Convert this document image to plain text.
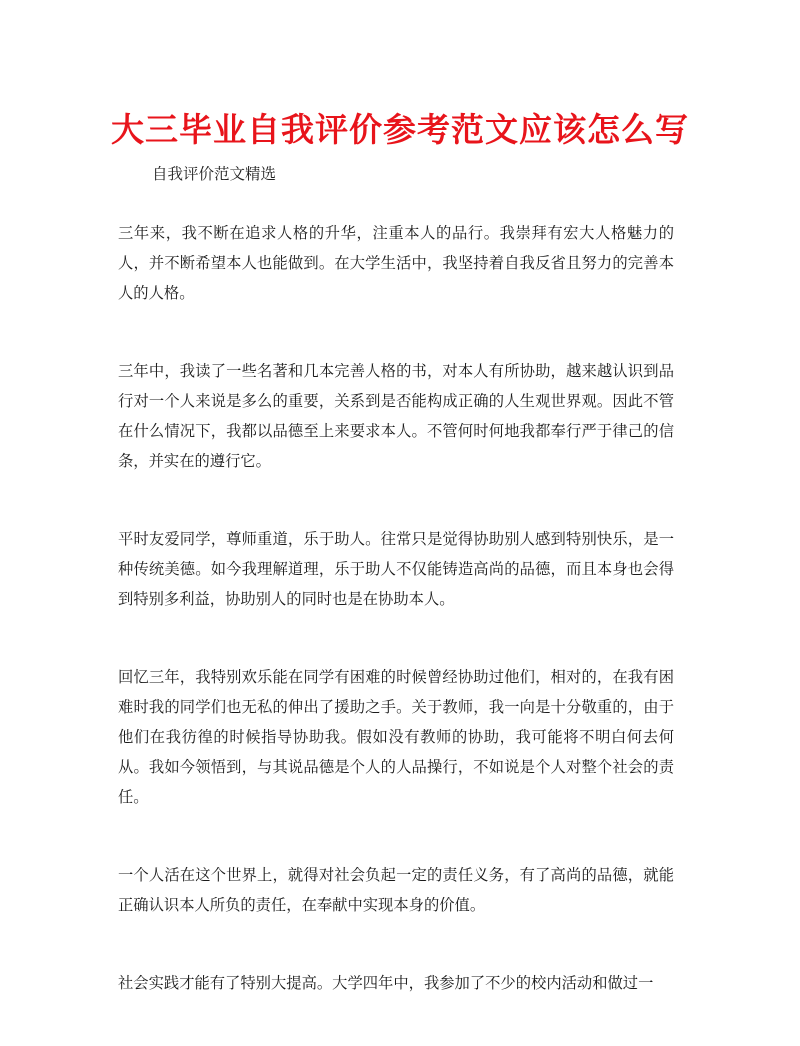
大三毕业自我评价参考范文应该怎么写
自我评价范文精选

三年来，我不断在追求人格的升华，注重本人的品行。我崇拜有宏大人格魅力的人，并不断希望本人也能做到。在大学生活中，我坚持着自我反省且努力的完善本人的人格。

三年中，我读了一些名著和几本完善人格的书，对本人有所协助，越来越认识到品行对一个人来说是多么的重要，关系到是否能构成正确的人生观世界观。因此不管在什么情况下，我都以品德至上来要求本人。不管何时何地我都奉行严于律己的信条，并实在的遵行它。

平时友爱同学，尊师重道，乐于助人。往常只是觉得协助别人感到特别快乐，是一种传统美德。如今我理解道理，乐于助人不仅能铸造高尚的品德，而且本身也会得到特别多利益，协助别人的同时也是在协助本人。

回忆三年，我特别欢乐能在同学有困难的时候曾经协助过他们，相对的，在我有困难时我的同学们也无私的伸出了援助之手。关于教师，我一向是十分敬重的，由于他们在我彷徨的时候指导协助我。假如没有教师的协助，我可能将不明白何去何从。我如今领悟到，与其说品德是个人的人品操行，不如说是个人对整个社会的责任。

一个人活在这个世界上，就得对社会负起一定的责任义务，有了高尚的品德，就能正确认识本人所负的责任，在奉献中实现本身的价值。

社会实践才能有了特别大提高。大学四年中，我参加了不少的校内活动和做过一
